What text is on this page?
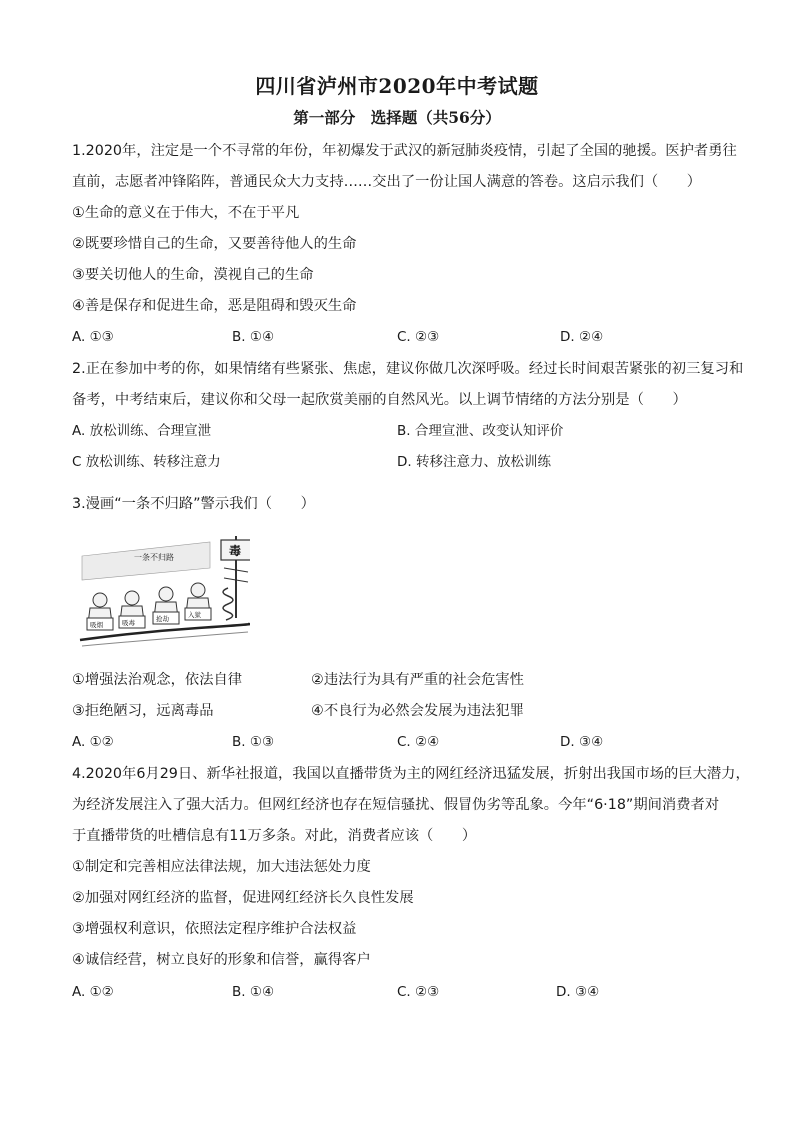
四川省泸州市2020年中考试题
第一部分　选择题（共56分）
1.2020年，注定是一个不寻常的年份，年初爆发于武汉的新冠肺炎疫情，引起了全国的驰援。医护者勇往
直前，志愿者冲锋陷阵，普通民众大力支持……交出了一份让国人满意的答卷。这启示我们（　　）
①生命的意义在于伟大，不在于平凡
②既要珍惜自己的生命，又要善待他人的生命
③要关切他人的生命，漠视自己的生命
④善是保存和促进生命，恶是阻碍和毁灭生命
A. ①③	B. ①④	C. ②③	D. ②④
2.正在参加中考的你，如果情绪有些紧张、焦虑，建议你做几次深呼吸。经过长时间艰苦紧张的初三复习和
备考，中考结束后，建议你和父母一起欣赏美丽的自然风光。以上调节情绪的方法分别是（　　）
A. 放松训练、合理宣泄	B. 合理宣泄、改变认知评价
C 放松训练、转移注意力	D. 转移注意力、放松训练
3.漫画“一条不归路”警示我们（　　）
一条不归路	毒
吸烟	吸毒	抢劫	入狱
①增强法治观念，依法自律	②违法行为具有严重的社会危害性
③拒绝陋习，远离毒品	④不良行为必然会发展为违法犯罪
A. ①②	B. ①③	C. ②④	D. ③④
4.2020年6月29日、新华社报道，我国以直播带货为主的网红经济迅猛发展，折射出我国市场的巨大潜力，
为经济发展注入了强大活力。但网红经济也存在短信骚扰、假冒伪劣等乱象。今年“6·18”期间消费者对
于直播带货的吐槽信息有11万多条。对此，消费者应该（　　）
①制定和完善相应法律法规，加大违法惩处力度
②加强对网红经济的监督，促进网红经济长久良性发展
③增强权利意识，依照法定程序维护合法权益
④诚信经营，树立良好的形象和信誉，赢得客户
A. ①②	B. ①④	C. ②③	D. ③④
